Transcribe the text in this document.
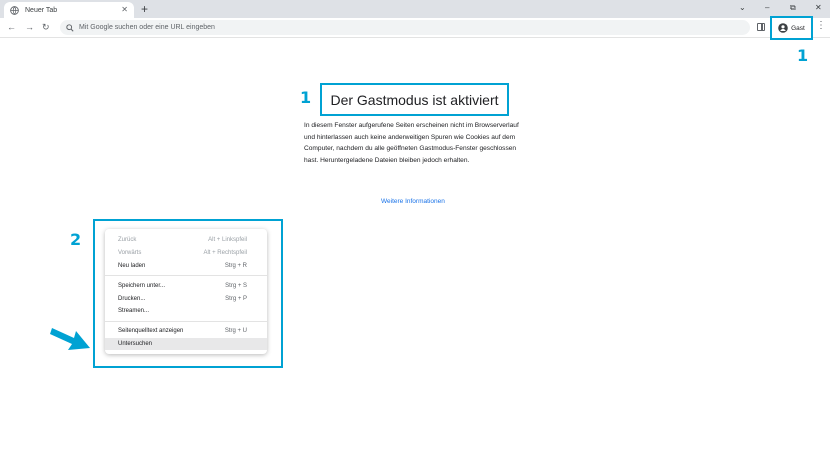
Neuer Tab	✕ +	⌄ –	⧉ ✕
← → ↻	Mit Google suchen oder eine URL eingeben	Gast ⋮
1
1 Der Gastmodus ist aktiviert

In diesem Fenster aufgerufene Seiten erscheinen nicht im Browserverlauf und hinterlassen auch keine anderweitigen Spuren wie Cookies auf dem Computer, nachdem du alle geöffneten Gastmodus-Fenster geschlossen hast. Heruntergeladene Dateien bleiben jedoch erhalten.

Weitere Informationen
2	Zurück	Alt + Linkspfeil
Vorwärts	Alt + Rechtspfeil
Neu laden	Strg + R
Speichern unter...	Strg + S
Drucken...	Strg + P
Streamen...
Seitenquelltext anzeigen	Strg + U
Untersuchen
